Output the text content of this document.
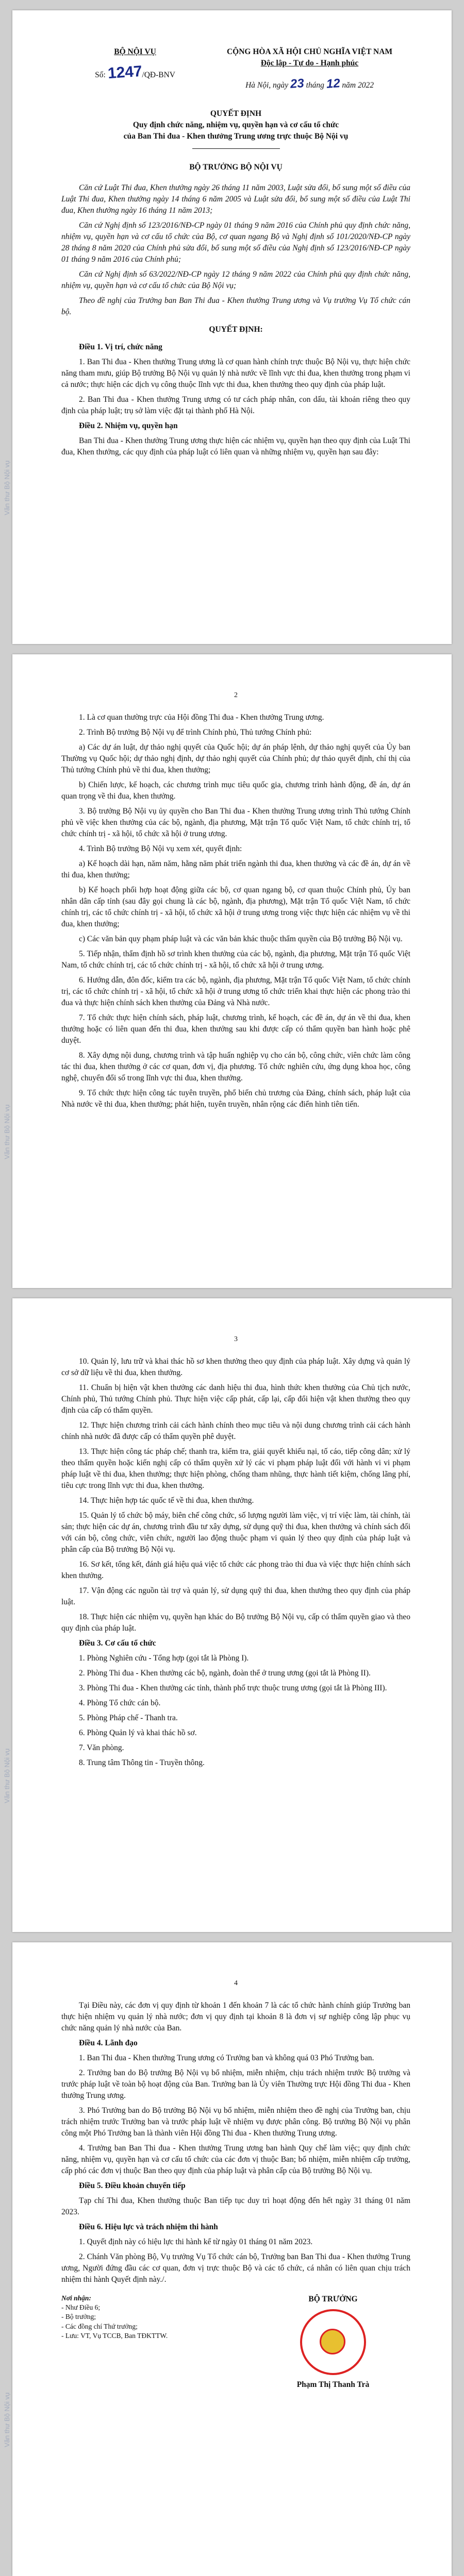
BỘ NỘI VỤ
Số: 1247/QĐ-BNV
CỘNG HÒA XÃ HỘI CHỦ NGHĨA VIỆT NAM
Độc lập - Tự do - Hạnh phúc
Hà Nội, ngày 23 tháng 12 năm 2022
QUYẾT ĐỊNH
Quy định chức năng, nhiệm vụ, quyền hạn và cơ cấu tổ chức
của Ban Thi đua - Khen thưởng Trung ương trực thuộc Bộ Nội vụ
BỘ TRƯỞNG BỘ NỘI VỤ

Căn cứ Luật Thi đua, Khen thưởng ngày 26 tháng 11 năm 2003, Luật sửa đổi, bổ sung một số điều của Luật Thi đua, Khen thưởng ngày 14 tháng 6 năm 2005 và Luật sửa đổi, bổ sung một số điều của Luật Thi đua, Khen thưởng ngày 16 tháng 11 năm 2013;

Căn cứ Nghị định số 123/2016/NĐ-CP ngày 01 tháng 9 năm 2016 của Chính phủ quy định chức năng, nhiệm vụ, quyền hạn và cơ cấu tổ chức của Bộ, cơ quan ngang Bộ và Nghị định số 101/2020/NĐ-CP ngày 28 tháng 8 năm 2020 của Chính phủ sửa đổi, bổ sung một số điều của Nghị định số 123/2016/NĐ-CP ngày 01 tháng 9 năm 2016 của Chính phủ;

Căn cứ Nghị định số 63/2022/NĐ-CP ngày 12 tháng 9 năm 2022 của Chính phủ quy định chức năng, nhiệm vụ, quyền hạn và cơ cấu tổ chức của Bộ Nội vụ;

Theo đề nghị của Trưởng ban Ban Thi đua - Khen thưởng Trung ương và Vụ trưởng Vụ Tổ chức cán bộ.

QUYẾT ĐỊNH:
Điều 1. Vị trí, chức năng

1. Ban Thi đua - Khen thưởng Trung ương là cơ quan hành chính trực thuộc Bộ Nội vụ, thực hiện chức năng tham mưu, giúp Bộ trưởng Bộ Nội vụ quản lý nhà nước về lĩnh vực thi đua, khen thưởng trong phạm vi cả nước; thực hiện các dịch vụ công thuộc lĩnh vực thi đua, khen thưởng theo quy định của pháp luật.

2. Ban Thi đua - Khen thưởng Trung ương có tư cách pháp nhân, con dấu, tài khoản riêng theo quy định của pháp luật; trụ sở làm việc đặt tại thành phố Hà Nội.

Điều 2. Nhiệm vụ, quyền hạn

Ban Thi đua - Khen thưởng Trung ương thực hiện các nhiệm vụ, quyền hạn theo quy định của Luật Thi đua, Khen thưởng, các quy định của pháp luật có liên quan và những nhiệm vụ, quyền hạn sau đây:

2

1. Là cơ quan thường trực của Hội đồng Thi đua - Khen thưởng Trung ương.

2. Trình Bộ trưởng Bộ Nội vụ để trình Chính phủ, Thủ tướng Chính phủ:

a) Các dự án luật, dự thảo nghị quyết của Quốc hội; dự án pháp lệnh, dự thảo nghị quyết của Ủy ban Thường vụ Quốc hội; dự thảo nghị định, dự thảo nghị quyết của Chính phủ; dự thảo quyết định, chỉ thị của Thủ tướng Chính phủ về thi đua, khen thưởng;

b) Chiến lược, kế hoạch, các chương trình mục tiêu quốc gia, chương trình hành động, đề án, dự án quan trọng về thi đua, khen thưởng.

3. Bộ trưởng Bộ Nội vụ ủy quyền cho Ban Thi đua - Khen thưởng Trung ương trình Thủ tướng Chính phủ về việc khen thưởng của các bộ, ngành, địa phương, Mặt trận Tổ quốc Việt Nam, tổ chức chính trị, tổ chức chính trị - xã hội, tổ chức xã hội ở trung ương.

4. Trình Bộ trưởng Bộ Nội vụ xem xét, quyết định:

a) Kế hoạch dài hạn, năm năm, hằng năm phát triển ngành thi đua, khen thưởng và các đề án, dự án về thi đua, khen thưởng;

b) Kế hoạch phối hợp hoạt động giữa các bộ, cơ quan ngang bộ, cơ quan thuộc Chính phủ, Ủy ban nhân dân cấp tỉnh (sau đây gọi chung là các bộ, ngành, địa phương), Mặt trận Tổ quốc Việt Nam, tổ chức chính trị, các tổ chức chính trị - xã hội, tổ chức xã hội ở trung ương trong việc thực hiện các nhiệm vụ về thi đua, khen thưởng;

c) Các văn bản quy phạm pháp luật và các văn bản khác thuộc thẩm quyền của Bộ trưởng Bộ Nội vụ.

5. Tiếp nhận, thẩm định hồ sơ trình khen thưởng của các bộ, ngành, địa phương, Mặt trận Tổ quốc Việt Nam, tổ chức chính trị, các tổ chức chính trị - xã hội, tổ chức xã hội ở trung ương.

6. Hướng dẫn, đôn đốc, kiểm tra các bộ, ngành, địa phương, Mặt trận Tổ quốc Việt Nam, tổ chức chính trị, các tổ chức chính trị - xã hội, tổ chức xã hội ở trung ương tổ chức triển khai thực hiện các phong trào thi đua và thực hiện chính sách khen thưởng của Đảng và Nhà nước.

7. Tổ chức thực hiện chính sách, pháp luật, chương trình, kế hoạch, các đề án, dự án về thi đua, khen thưởng hoặc có liên quan đến thi đua, khen thưởng sau khi được cấp có thẩm quyền ban hành hoặc phê duyệt.

8. Xây dựng nội dung, chương trình và tập huấn nghiệp vụ cho cán bộ, công chức, viên chức làm công tác thi đua, khen thưởng ở các cơ quan, đơn vị, địa phương. Tổ chức nghiên cứu, ứng dụng khoa học, công nghệ, chuyển đổi số trong lĩnh vực thi đua, khen thưởng.

9. Tổ chức thực hiện công tác tuyên truyền, phổ biến chủ trương của Đảng, chính sách, pháp luật của Nhà nước về thi đua, khen thưởng; phát hiện, tuyên truyền, nhân rộng các điển hình tiên tiến.

3

10. Quản lý, lưu trữ và khai thác hồ sơ khen thưởng theo quy định của pháp luật. Xây dựng và quản lý cơ sở dữ liệu về thi đua, khen thưởng.

11. Chuẩn bị hiện vật khen thưởng các danh hiệu thi đua, hình thức khen thưởng của Chủ tịch nước, Chính phủ, Thủ tướng Chính phủ. Thực hiện việc cấp phát, cấp lại, cấp đổi hiện vật khen thưởng theo quy định của cấp có thẩm quyền.

12. Thực hiện chương trình cải cách hành chính theo mục tiêu và nội dung chương trình cải cách hành chính nhà nước đã được cấp có thẩm quyền phê duyệt.

13. Thực hiện công tác pháp chế; thanh tra, kiểm tra, giải quyết khiếu nại, tố cáo, tiếp công dân; xử lý theo thẩm quyền hoặc kiến nghị cấp có thẩm quyền xử lý các vi phạm pháp luật đối với hành vi vi phạm pháp luật về thi đua, khen thưởng; thực hiện phòng, chống tham nhũng, thực hành tiết kiệm, chống lãng phí, tiêu cực trong lĩnh vực thi đua, khen thưởng.

14. Thực hiện hợp tác quốc tế về thi đua, khen thưởng.

15. Quản lý tổ chức bộ máy, biên chế công chức, số lượng người làm việc, vị trí việc làm, tài chính, tài sản; thực hiện các dự án, chương trình đầu tư xây dựng, sử dụng quỹ thi đua, khen thưởng và chính sách đối với cán bộ, công chức, viên chức, người lao động thuộc phạm vi quản lý theo quy định của pháp luật và phân cấp của Bộ trưởng Bộ Nội vụ.

16. Sơ kết, tổng kết, đánh giá hiệu quả việc tổ chức các phong trào thi đua và việc thực hiện chính sách khen thưởng.

17. Vận động các nguồn tài trợ và quản lý, sử dụng quỹ thi đua, khen thưởng theo quy định của pháp luật.

18. Thực hiện các nhiệm vụ, quyền hạn khác do Bộ trưởng Bộ Nội vụ, cấp có thẩm quyền giao và theo quy định của pháp luật.

Điều 3. Cơ cấu tổ chức

1. Phòng Nghiên cứu - Tổng hợp (gọi tắt là Phòng I).

2. Phòng Thi đua - Khen thưởng các bộ, ngành, đoàn thể ở trung ương (gọi tắt là Phòng II).

3. Phòng Thi đua - Khen thưởng các tỉnh, thành phố trực thuộc trung ương (gọi tắt là Phòng III).

4. Phòng Tổ chức cán bộ.

5. Phòng Pháp chế - Thanh tra.

6. Phòng Quản lý và khai thác hồ sơ.

7. Văn phòng.

8. Trung tâm Thông tin - Truyền thông.

4

Tại Điều này, các đơn vị quy định từ khoản 1 đến khoản 7 là các tổ chức hành chính giúp Trưởng ban thực hiện nhiệm vụ quản lý nhà nước; đơn vị quy định tại khoản 8 là đơn vị sự nghiệp công lập phục vụ chức năng quản lý nhà nước của Ban.

Điều 4. Lãnh đạo

1. Ban Thi đua - Khen thưởng Trung ương có Trưởng ban và không quá 03 Phó Trưởng ban.

2. Trưởng ban do Bộ trưởng Bộ Nội vụ bổ nhiệm, miễn nhiệm, chịu trách nhiệm trước Bộ trưởng và trước pháp luật về toàn bộ hoạt động của Ban. Trưởng ban là Ủy viên Thường trực Hội đồng Thi đua - Khen thưởng Trung ương.

3. Phó Trưởng ban do Bộ trưởng Bộ Nội vụ bổ nhiệm, miễn nhiệm theo đề nghị của Trưởng ban, chịu trách nhiệm trước Trưởng ban và trước pháp luật về nhiệm vụ được phân công. Bộ trưởng Bộ Nội vụ phân công một Phó Trưởng ban là thành viên Hội đồng Thi đua - Khen thưởng Trung ương.

4. Trưởng ban Ban Thi đua - Khen thưởng Trung ương ban hành Quy chế làm việc; quy định chức năng, nhiệm vụ, quyền hạn và cơ cấu tổ chức của các đơn vị thuộc Ban; bổ nhiệm, miễn nhiệm cấp trưởng, cấp phó các đơn vị thuộc Ban theo quy định của pháp luật và phân cấp của Bộ trưởng Bộ Nội vụ.

Điều 5. Điều khoản chuyển tiếp

Tạp chí Thi đua, Khen thưởng thuộc Ban tiếp tục duy trì hoạt động đến hết ngày 31 tháng 01 năm 2023.

Điều 6. Hiệu lực và trách nhiệm thi hành

1. Quyết định này có hiệu lực thi hành kể từ ngày 01 tháng 01 năm 2023.

2. Chánh Văn phòng Bộ, Vụ trưởng Vụ Tổ chức cán bộ, Trưởng ban Ban Thi đua - Khen thưởng Trung ương, Người đứng đầu các cơ quan, đơn vị trực thuộc Bộ và các tổ chức, cá nhân có liên quan chịu trách nhiệm thi hành Quyết định này./.

Nơi nhận:
- Như Điều 6;
- Bộ trưởng;
- Các đồng chí Thứ trưởng;
- Lưu: VT, Vụ TCCB, Ban TĐKTTW.
BỘ TRƯỞNG
Phạm Thị Thanh Trà
Văn thư Bộ Nội vụ
Văn thư Bộ Nội vụ
Văn thư Bộ Nội vụ
Văn thư Bộ Nội vụ
